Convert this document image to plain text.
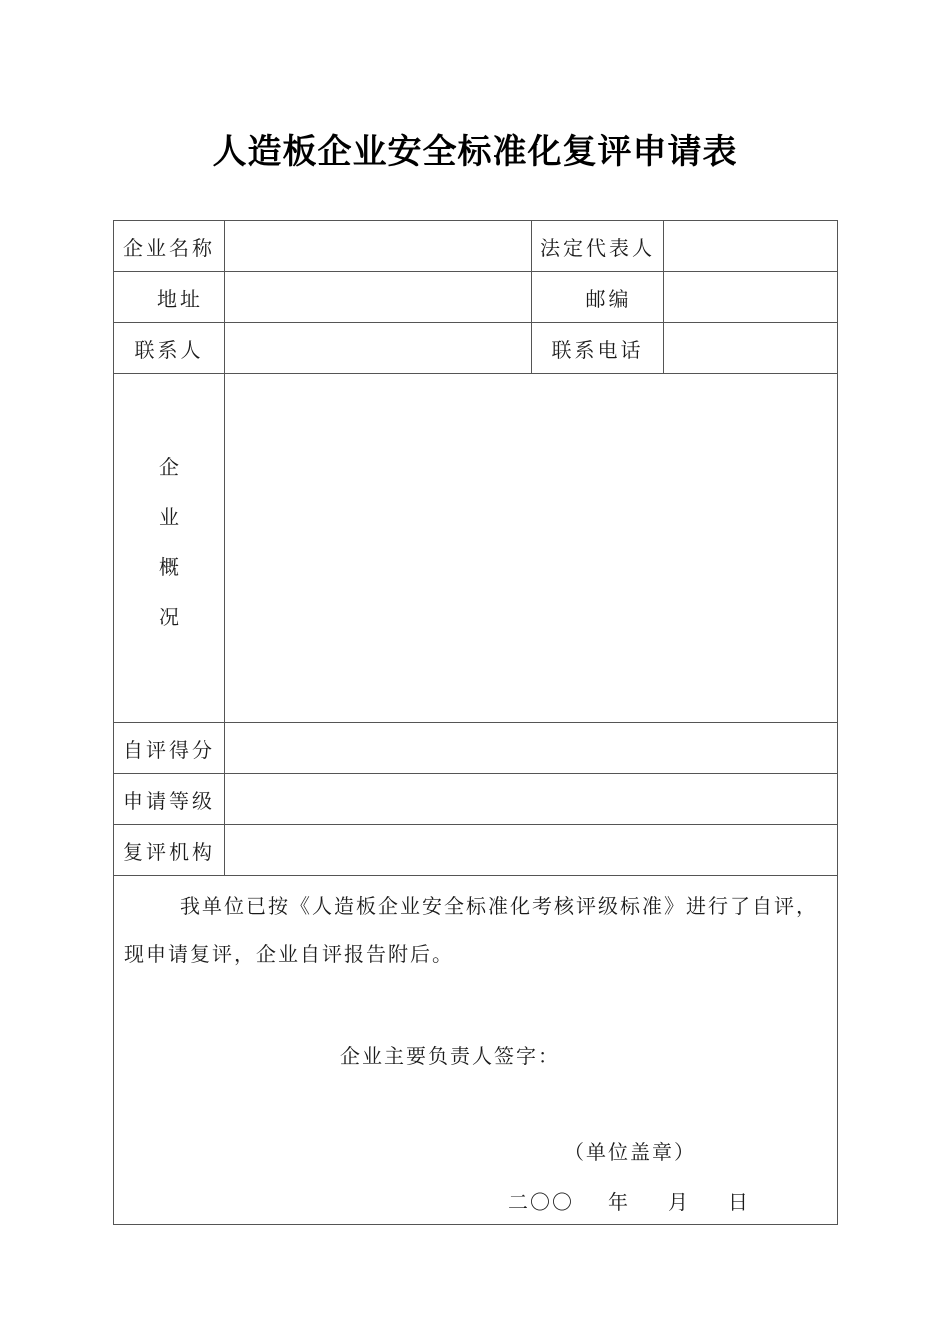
人造板企业安全标准化复评申请表
企业名称		法定代表人	
地址		邮编	
联系人		联系电话	

企
业
概
况			

自评得分			
申请等级			
复评机构			

我单位已按《人造板企业安全标准化考核评级标准》进行了自评，
现申请复评，企业自评报告附后。
企业主要负责人签字：
（单位盖章）
二〇〇 年 月 日			
